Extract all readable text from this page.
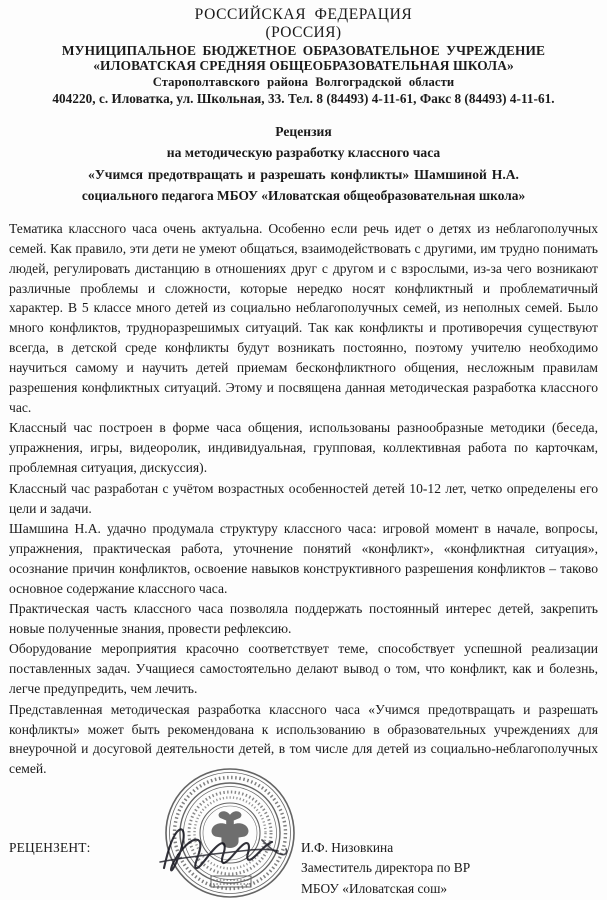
РОССИЙСКАЯ ФЕДЕРАЦИЯ
(РОССИЯ)
МУНИЦИПАЛЬНОЕ БЮДЖЕТНОЕ ОБРАЗОВАТЕЛЬНОЕ УЧРЕЖДЕНИЕ
«ИЛОВАТСКАЯ СРЕДНЯЯ ОБЩЕОБРАЗОВАТЕЛЬНАЯ ШКОЛА»
Старополтавского района Волгоградской области
404220, с. Иловатка, ул. Школьная, 33. Тел. 8 (84493) 4-11-61, Факс 8 (84493) 4-11-61.
Рецензия
на методическую разработку классного часа
«Учимся предотвращать и разрешать конфликты» Шамшиной Н.А.
социального педагога МБОУ «Иловатская общеобразовательная школа»

Тематика классного часа очень актуальна. Особенно если речь идет о детях из неблагополучных семей. Как правило, эти дети не умеют общаться, взаимодействовать с другими, им трудно понимать людей, регулировать дистанцию в отношениях друг с другом и с взрослыми, из-за чего возникают различные проблемы и сложности, которые нередко носят конфликтный и проблематичный характер. В 5 классе много детей из социально неблагополучных семей, из неполных семей. Было много конфликтов, трудноразрешимых ситуаций. Так как конфликты и противоречия существуют всегда, в детской среде конфликты будут возникать постоянно, поэтому учителю необходимо научиться самому и научить детей приемам бесконфликтного общения, несложным правилам разрешения конфликтных ситуаций. Этому и посвящена данная методическая разработка классного час.

Классный час построен в форме часа общения, использованы разнообразные методики (беседа, упражнения, игры, видеоролик, индивидуальная, групповая, коллективная работа по карточкам, проблемная ситуация, дискуссия).

Классный час разработан с учётом возрастных особенностей детей 10-12 лет, четко определены его цели и задачи.

Шамшина Н.А. удачно продумала структуру классного часа: игровой момент в начале, вопросы, упражнения, практическая работа, уточнение понятий «конфликт», «конфликтная ситуация», осознание причин конфликтов, освоение навыков конструктивного разрешения конфликтов – таково основное содержание классного часа.

Практическая часть классного часа позволяла поддержать постоянный интерес детей, закрепить новые полученные знания, провести рефлексию.

Оборудование мероприятия красочно соответствует теме, способствует успешной реализации поставленных задач. Учащиеся самостоятельно делают вывод о том, что конфликт, как и болезнь, легче предупредить, чем лечить.

Представленная методическая разработка классного часа «Учимся предотвращать и разрешать конфликты» может быть рекомендована к использованию в образовательных учреждениях для внеурочной и досуговой деятельности детей, в том числе для детей из социально-неблагополучных семей.

РЕЦЕНЗЕНТ:	И.Ф. Низовкина
Заместитель директора по ВР
МБОУ «Иловатская сош»
